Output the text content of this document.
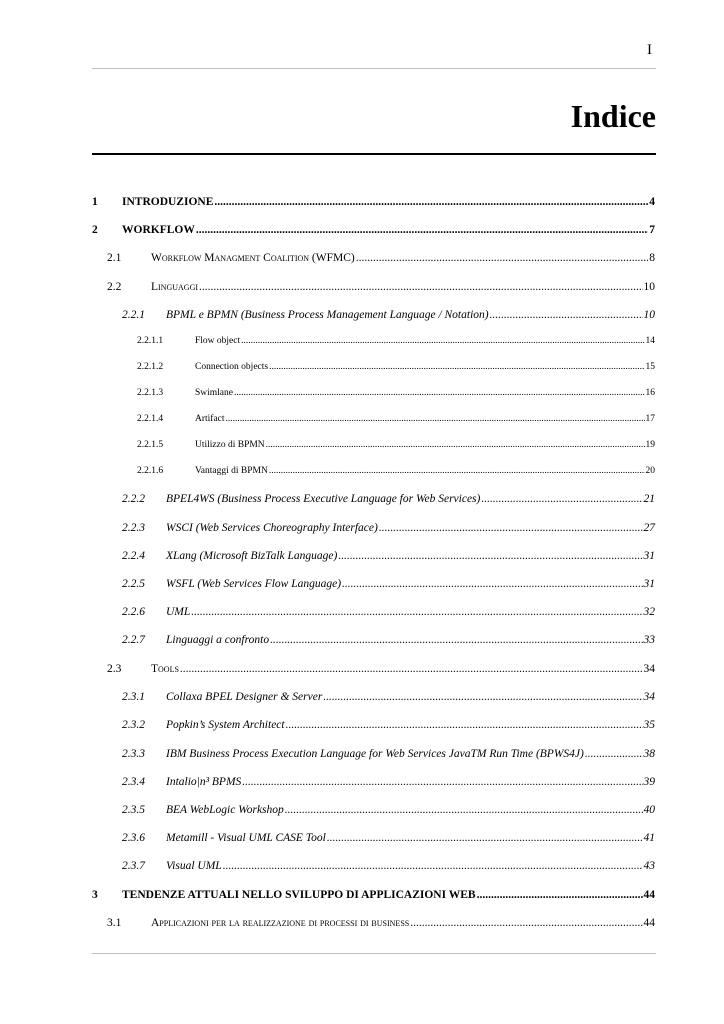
I
Indice
1 INTRODUZIONE .....	4
2 WORKFLOW .....	7
2.1	Workflow Managment Coalition (WFMC) .....	8
2.2	Linguaggi .....	10
2.2.1 BPML e BPMN (Business Process Management Language / Notation) .....	10
2.2.1.1	Flow object .....	14
2.2.1.2	Connection objects .....	15
2.2.1.3	Swimlane .....	16
2.2.1.4	Artifact .....	17
2.2.1.5	Utilizzo di BPMN .....	19
2.2.1.6	Vantaggi di BPMN .....	20
2.2.2 BPEL4WS (Business Process Executive Language for Web Services) .....	21
2.2.3 WSCI (Web Services Choreography Interface) .....	27
2.2.4 XLang (Microsoft BizTalk Language) .....	31
2.2.5 WSFL (Web Services Flow Language) .....	31
2.2.6 UML .....	32
2.2.7 Linguaggi a confronto .....	33
2.3	Tools .....	34
2.3.1 Collaxa BPEL Designer & Server .....	34
2.3.2 Popkin’s System Architect .....	35
2.3.3 IBM Business Process Execution Language for Web Services JavaTM Run Time (BPWS4J) .....	38
2.3.4 Intalio|n³ BPMS .....	39
2.3.5 BEA WebLogic Workshop .....	40
2.3.6 Metamill - Visual UML CASE Tool .....	41
2.3.7 Visual UML .....	43
3 TENDENZE ATTUALI NELLO SVILUPPO DI APPLICAZIONI WEB .....	44
3.1	Applicazioni per la realizzazione di processi di business .....	44
